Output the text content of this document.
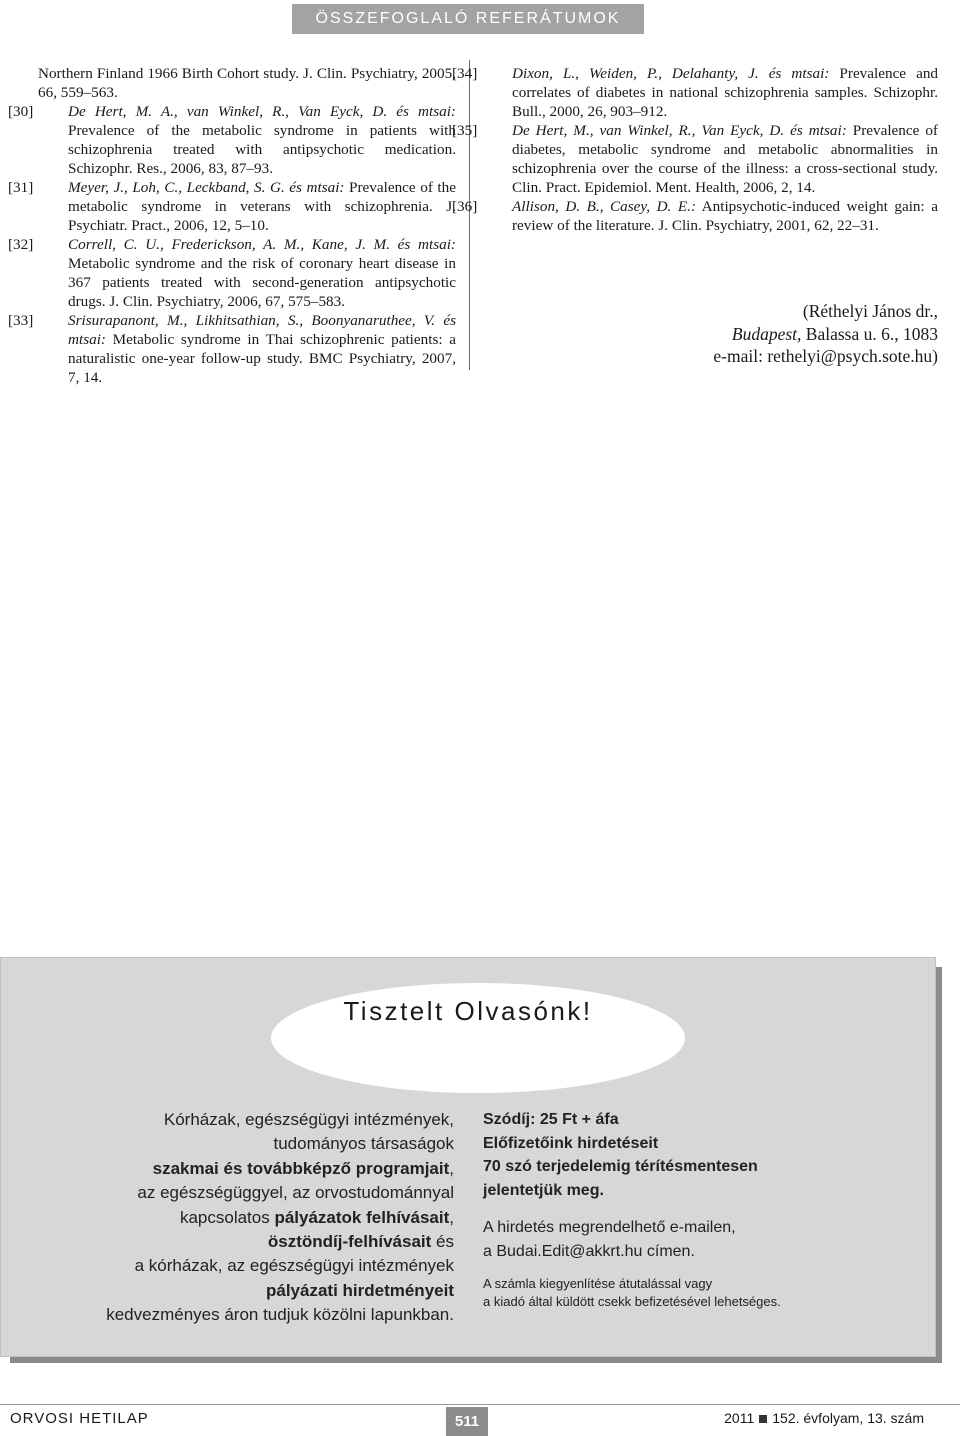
ÖSSZEFOGLALÓ REFERÁTUMOK

Northern Finland 1966 Birth Cohort study. J. Clin. Psychiatry, 2005, 66, 559–563.

[30] De Hert, M. A., van Winkel, R., Van Eyck, D. és mtsai: Prevalence of the metabolic syndrome in patients with schizophrenia treated with antipsychotic medication. Schizophr. Res., 2006, 83, 87–93.

[31] Meyer, J., Loh, C., Leckband, S. G. és mtsai: Prevalence of the metabolic syndrome in veterans with schizophrenia. J. Psychiatr. Pract., 2006, 12, 5–10.

[32] Correll, C. U., Frederickson, A. M., Kane, J. M. és mtsai: Metabolic syndrome and the risk of coronary heart disease in 367 patients treated with second-generation antipsychotic drugs. J. Clin. Psychiatry, 2006, 67, 575–583.

[33] Srisurapanont, M., Likhitsathian, S., Boonyanaruthee, V. és mtsai: Metabolic syndrome in Thai schizophrenic patients: a naturalistic one-year follow-up study. BMC Psychiatry, 2007, 7, 14.

[34] Dixon, L., Weiden, P., Delahanty, J. és mtsai: Prevalence and correlates of diabetes in national schizophrenia samples. Schizophr. Bull., 2000, 26, 903–912.

[35] De Hert, M., van Winkel, R., Van Eyck, D. és mtsai: Prevalence of diabetes, metabolic syndrome and metabolic abnormalities in schizophrenia over the course of the illness: a cross-sectional study. Clin. Pract. Epidemiol. Ment. Health, 2006, 2, 14.

[36] Allison, D. B., Casey, D. E.: Antipsychotic-induced weight gain: a review of the literature. J. Clin. Psychiatry, 2001, 62, 22–31.

(Réthelyi János dr.,
Budapest, Balassa u. 6., 1083
e-mail: rethelyi@psych.sote.hu)
Tisztelt Olvasónk!
Kórházak, egészségügyi intézmények,
tudományos társaságok
szakmai és továbbképző programjait,
az egészségüggyel, az orvostudománnyal
kapcsolatos pályázatok felhívásait,
ösztöndíj-felhívásait és
a kórházak, az egészségügyi intézmények
pályázati hirdetményeit
kedvezményes áron tudjuk közölni lapunkban.
Szódíj: 25 Ft + áfa
Előfizetőink hirdetéseit
70 szó terjedelemig térítésmentesen
jelentetjük meg.
A hirdetés megrendelhető e-mailen,
a Budai.Edit@akkrt.hu címen.
A számla kiegyenlítése átutalással vagy
a kiadó által küldött csekk befizetésével lehetséges.
ORVOSI HETILAP	511	2011 152. évfolyam, 13. szám
